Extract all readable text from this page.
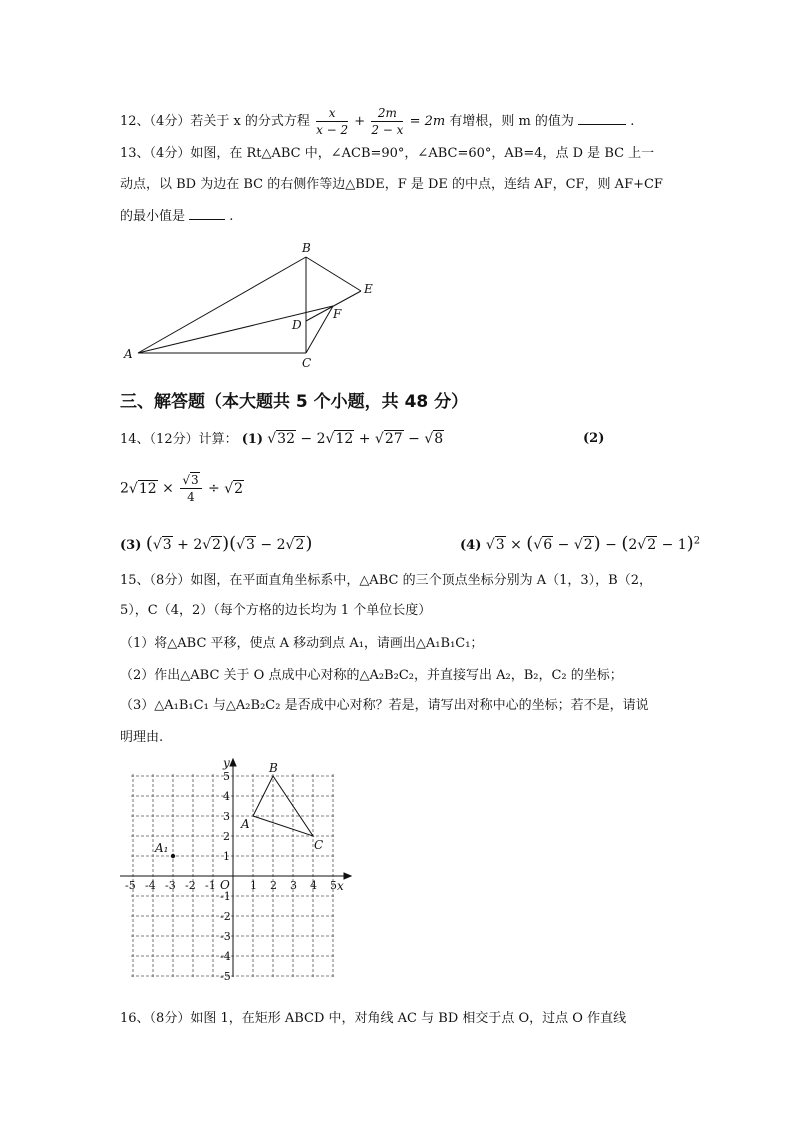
12、（4分）若关于 x 的分式方程 $\frac{x}{x - 2} + \frac{2m}{2 - x} = 2m$ 有增根，则 m 的值为	.
13、（4分）如图，在 Rt△ABC 中，∠ACB=90°，∠ABC=60°，AB=4，点 D 是 BC 上一
动点，以 BD 为边在 BC 的右侧作等边△BDE，F 是 DE 的中点，连结 AF，CF，则 AF+CF
的最小值是	.
B
E
F
D
A
C
三、解答题（本大题共 5 个小题，共 48 分）
14、（12分）计算： (1) √32 − 2√12 + √27 − √8	(2)
$2√12 \times \frac{√3}{4} \div √2$
(3) (√3 + 2√2)(√3 − 2√2)	(4) $√3 \times (√6 - √2) - (2√2 - 1)^2$
15、（8分）如图，在平面直角坐标系中，△ABC 的三个顶点坐标分别为 A（1，3），B（2，
5），C（4，2）（每个方格的边长均为 1 个单位长度）
（1）将△ABC 平移，使点 A 移动到点 A₁，请画出△A₁B₁C₁；
（2）作出△ABC 关于 O 点成中心对称的△A₂B₂C₂，并直接写出 A₂，B₂，C₂ 的坐标；
（3）△A₁B₁C₁ 与△A₂B₂C₂ 是否成中心对称？若是，请写出对称中心的坐标；若不是，请说
明理由.
-5 -4 -3 -2 -1	1 2 3 4 5
5
4
3
2
1
-1
-2
-3
-4
-5
x
y
O
A
B
C
A₁
16、（8分）如图 1，在矩形 ABCD 中，对角线 AC 与 BD 相交于点 O，过点 O 作直线
